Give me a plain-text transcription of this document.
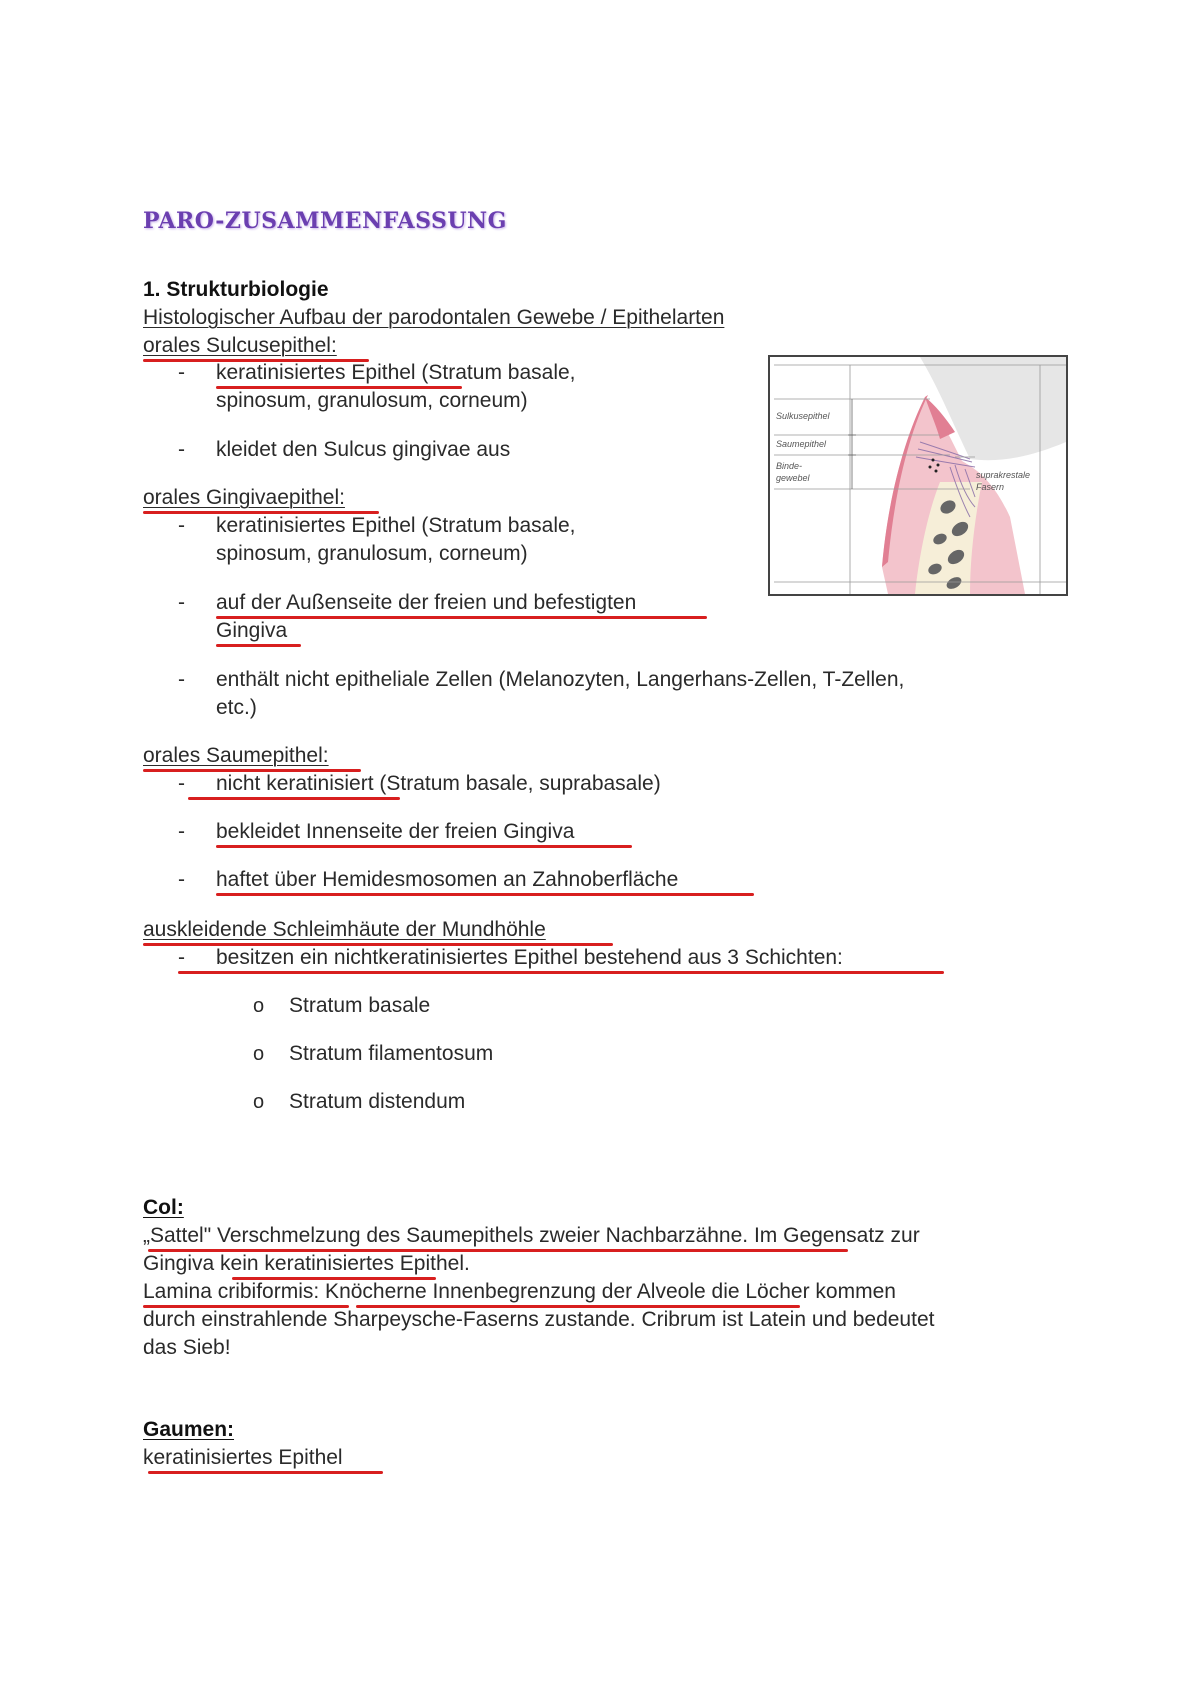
PARO-ZUSAMMENFASSUNG
1. Strukturbiologie
Histologischer Aufbau der parodontalen Gewebe / Epithelarten
orales Sulcusepithel:
- keratinisiertes Epithel (Stratum basale,
spinosum, granulosum, corneum)
- kleidet den Sulcus gingivae aus
orales Gingivaepithel:
- keratinisiertes Epithel (Stratum basale,
spinosum, granulosum, corneum)
- auf der Außenseite der freien und befestigten
Gingiva
- enthält nicht epitheliale Zellen (Melanozyten, Langerhans-Zellen, T-Zellen,
etc.)
orales Saumepithel:
- nicht keratinisiert (Stratum basale, suprabasale)
- bekleidet Innenseite der freien Gingiva
- haftet über Hemidesmosomen an Zahnoberfläche
auskleidende Schleimhäute der Mundhöhle
- besitzen ein nichtkeratinisiertes Epithel bestehend aus 3 Schichten:
o Stratum basale
o Stratum filamentosum
o Stratum distendum
Col:
„Sattel" Verschmelzung des Saumepithels zweier Nachbarzähne. Im Gegensatz zur
Gingiva kein keratinisiertes Epithel.
Lamina cribiformis: Knöcherne Innenbegrenzung der Alveole die Löcher kommen
durch einstrahlende Sharpeysche-Faserns zustande. Cribrum ist Latein und bedeutet
das Sieb!
Gaumen:
keratinisiertes Epithel
Sulkusepithel
Saumepithel
Binde-
gewebel	suprakrestale
Fasern
